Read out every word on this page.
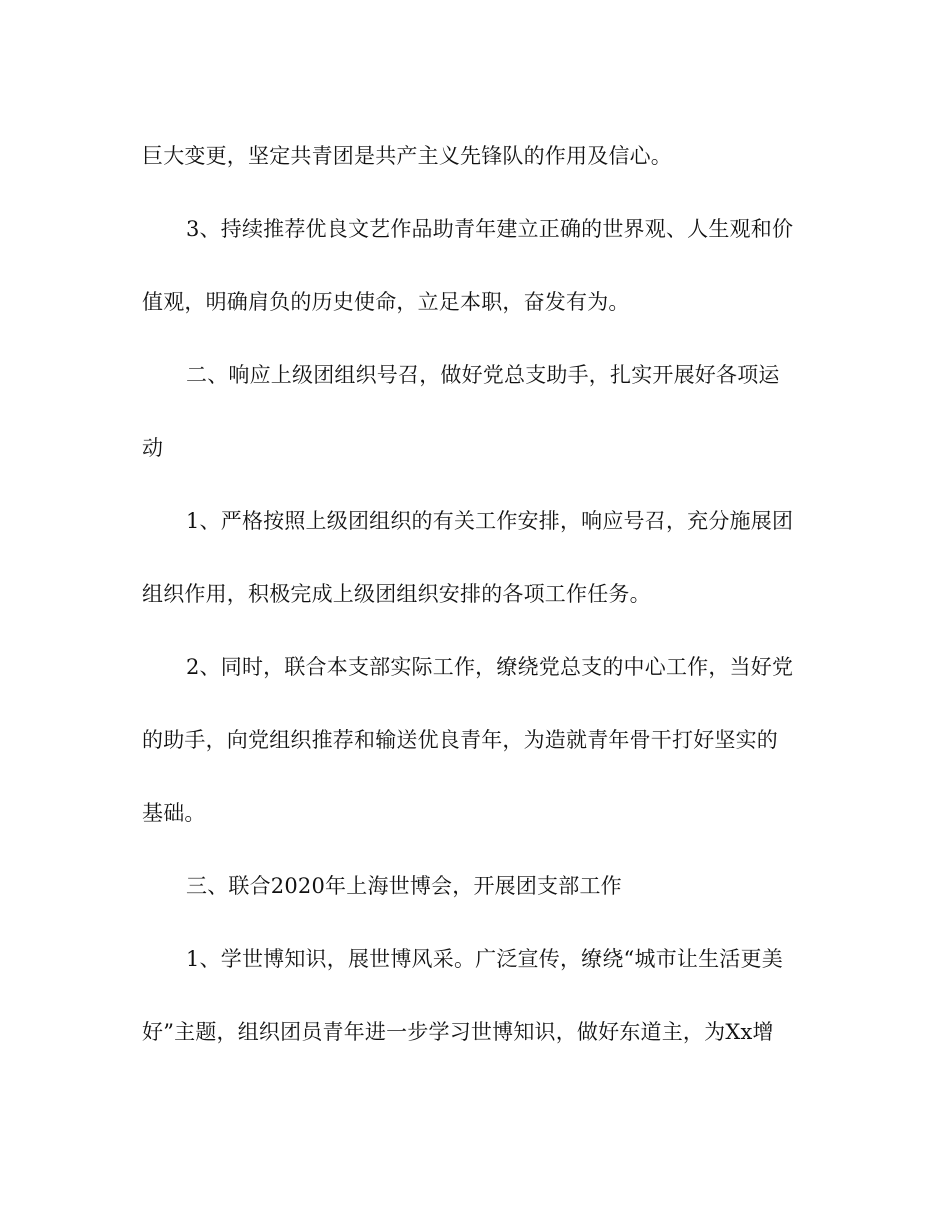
巨大变更，坚定共青团是共产主义先锋队的作用及信心。
3、持续推荐优良文艺作品助青年建立正确的世界观、人生观和价
值观，明确肩负的历史使命，立足本职，奋发有为。
二、响应上级团组织号召，做好党总支助手，扎实开展好各项运
动
1、严格按照上级团组织的有关工作安排，响应号召，充分施展团
组织作用，积极完成上级团组织安排的各项工作任务。
2、同时，联合本支部实际工作，缭绕党总支的中心工作，当好党
的助手，向党组织推荐和输送优良青年，为造就青年骨干打好坚实的
基础。
三、联合2020年上海世博会，开展团支部工作
1、学世博知识，展世博风采。广泛宣传，缭绕“城市让生活更美
好”主题，组织团员青年进一步学习世博知识，做好东道主，为Xx增
